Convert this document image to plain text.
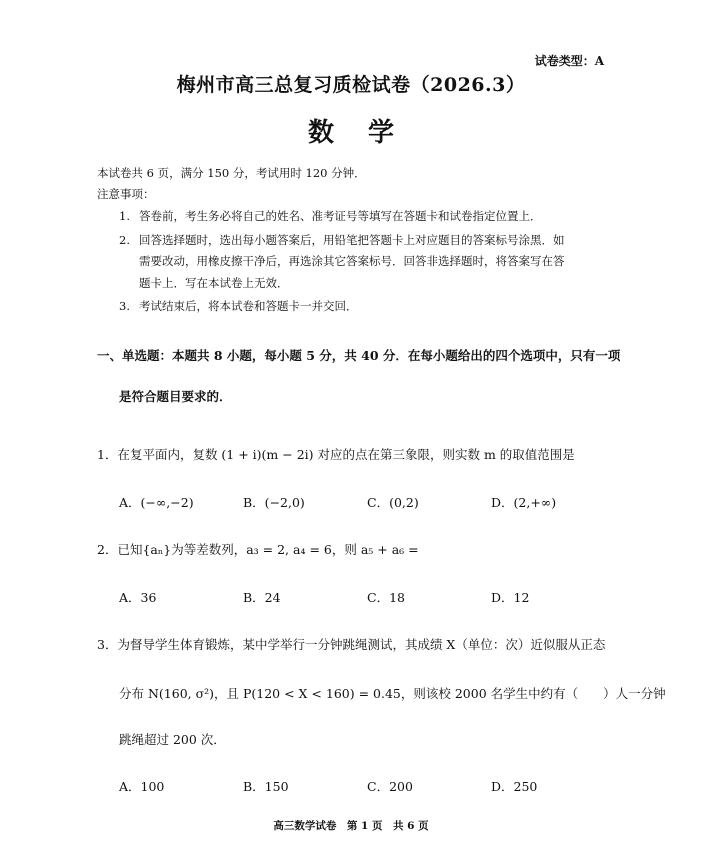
试卷类型：A
梅州市高三总复习质检试卷（2026.3）
数学
本试卷共 6 页，满分 150 分，考试用时 120 分钟．
注意事项：
1. 答卷前，考生务必将自己的姓名、准考证号等填写在答题卡和试卷指定位置上．
2. 回答选择题时，选出每小题答案后，用铅笔把答题卡上对应题目的答案标号涂黑．如
需要改动，用橡皮擦干净后，再选涂其它答案标号．回答非选择题时，将答案写在答
题卡上．写在本试卷上无效．
3. 考试结束后，将本试卷和答题卡一并交回．
一、单选题：本题共 8 小题，每小题 5 分，共 40 分．在每小题给出的四个选项中，只有一项
是符合题目要求的．
1．在复平面内，复数 (1 + i)(m − 2i) 对应的点在第三象限，则实数 m 的取值范围是
A．(−∞,−2)	B．(−2,0)	C．(0,2)	D．(2,+∞)
2．已知{aₙ}为等差数列，a₃ = 2, a₄ = 6，则 a₅ + a₆ =
A．36	B．24	C．18	D．12
3．为督导学生体育锻炼，某中学举行一分钟跳绳测试，其成绩 X（单位：次）近似服从正态
分布 N(160, σ²)，且 P(120 < X < 160) = 0.45，则该校 2000 名学生中约有（　　）人一分钟
跳绳超过 200 次．
A．100	B．150	C．200	D．250
高三数学试卷　第 1 页　共 6 页
